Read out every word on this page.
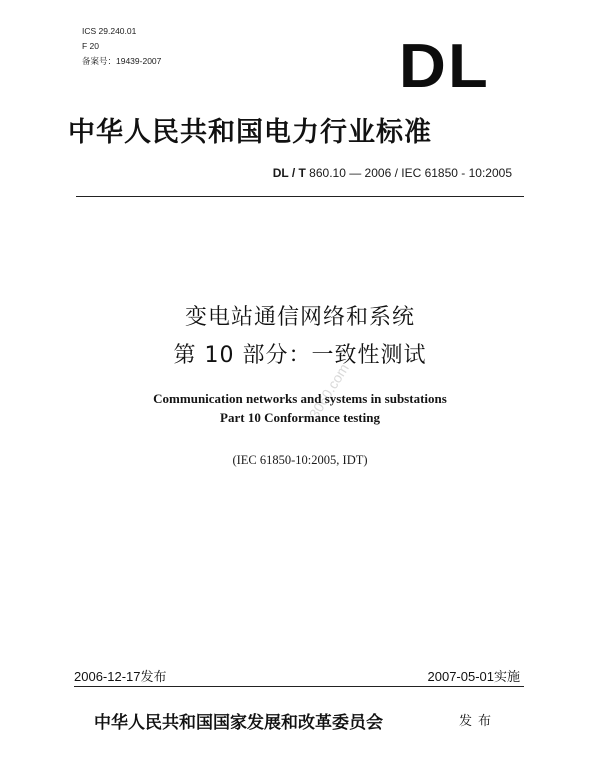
ICS 29.240.01
F 20
备案号：19439-2007	DL
中华人民共和国电力行业标准
DL / T 860.10 — 2006 / IEC 61850 - 10:2005
变电站通信网络和系统
第 10 部分：一致性测试
3060.com
Communication networks and systems in substations
Part 10 Conformance testing
(IEC 61850-10:2005, IDT)
2006-12-17发布	2007-05-01实施
中华人民共和国国家发展和改革委员会	发布
